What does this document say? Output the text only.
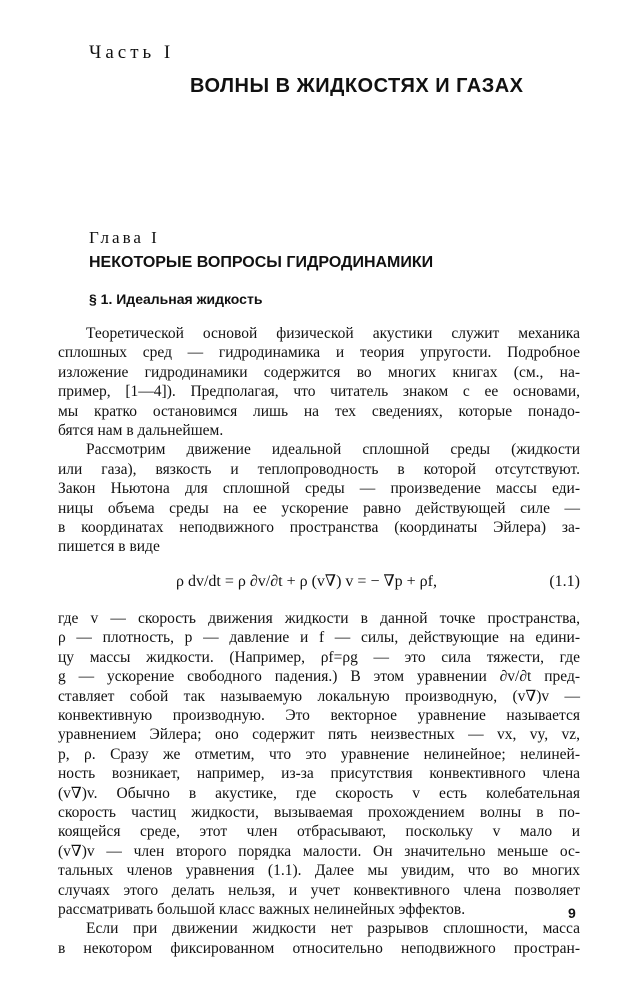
Часть I
ВОЛНЫ В ЖИДКОСТЯХ И ГАЗАХ
Глава I
НЕКОТОРЫЕ ВОПРОСЫ ГИДРОДИНАМИКИ
§ 1. Идеальная жидкость
Теоретической основой физической акустики служит механика
сплошных сред — гидродинамика и теория упругости. Подробное
изложение гидродинамики содержится во многих книгах (см., на-
пример, [1—4]). Предполагая, что читатель знаком с ее основами,
мы кратко остановимся лишь на тех сведениях, которые понадо-
бятся нам в дальнейшем.
Рассмотрим движение идеальной сплошной среды (жидкости
или газа), вязкость и теплопроводность в которой отсутствуют.
Закон Ньютона для сплошной среды — произведение массы еди-
ницы объема среды на ее ускорение равно действующей силе —
в координатах неподвижного пространства (координаты Эйлера) за-
пишется в виде
ρ dv/dt = ρ ∂v/∂t + ρ (v∇) v = − ∇p + ρf,	(1.1)
где v — скорость движения жидкости в данной точке пространства,
ρ — плотность, p — давление и f — силы, действующие на едини-
цу массы жидкости. (Например, ρf=ρg — это сила тяжести, где
g — ускорение свободного падения.) В этом уравнении ∂v/∂t пред-
ставляет собой так называемую локальную производную, (v∇)v —
конвективную производную. Это векторное уравнение называется
уравнением Эйлера; оно содержит пять неизвестных — vx, vy, vz,
p, ρ. Сразу же отметим, что это уравнение нелинейное; нелиней-
ность возникает, например, из-за присутствия конвективного члена
(v∇)v. Обычно в акустике, где скорость v есть колебательная
скорость частиц жидкости, вызываемая прохождением волны в по-
коящейся среде, этот член отбрасывают, поскольку v мало и
(v∇)v — член второго порядка малости. Он значительно меньше ос-
тальных членов уравнения (1.1). Далее мы увидим, что во многих
случаях этого делать нельзя, и учет конвективного члена позволяет
рассматривать большой класс важных нелинейных эффектов.
Если при движении жидкости нет разрывов сплошности, масса
в некотором фиксированном относительно неподвижного простран-
9
